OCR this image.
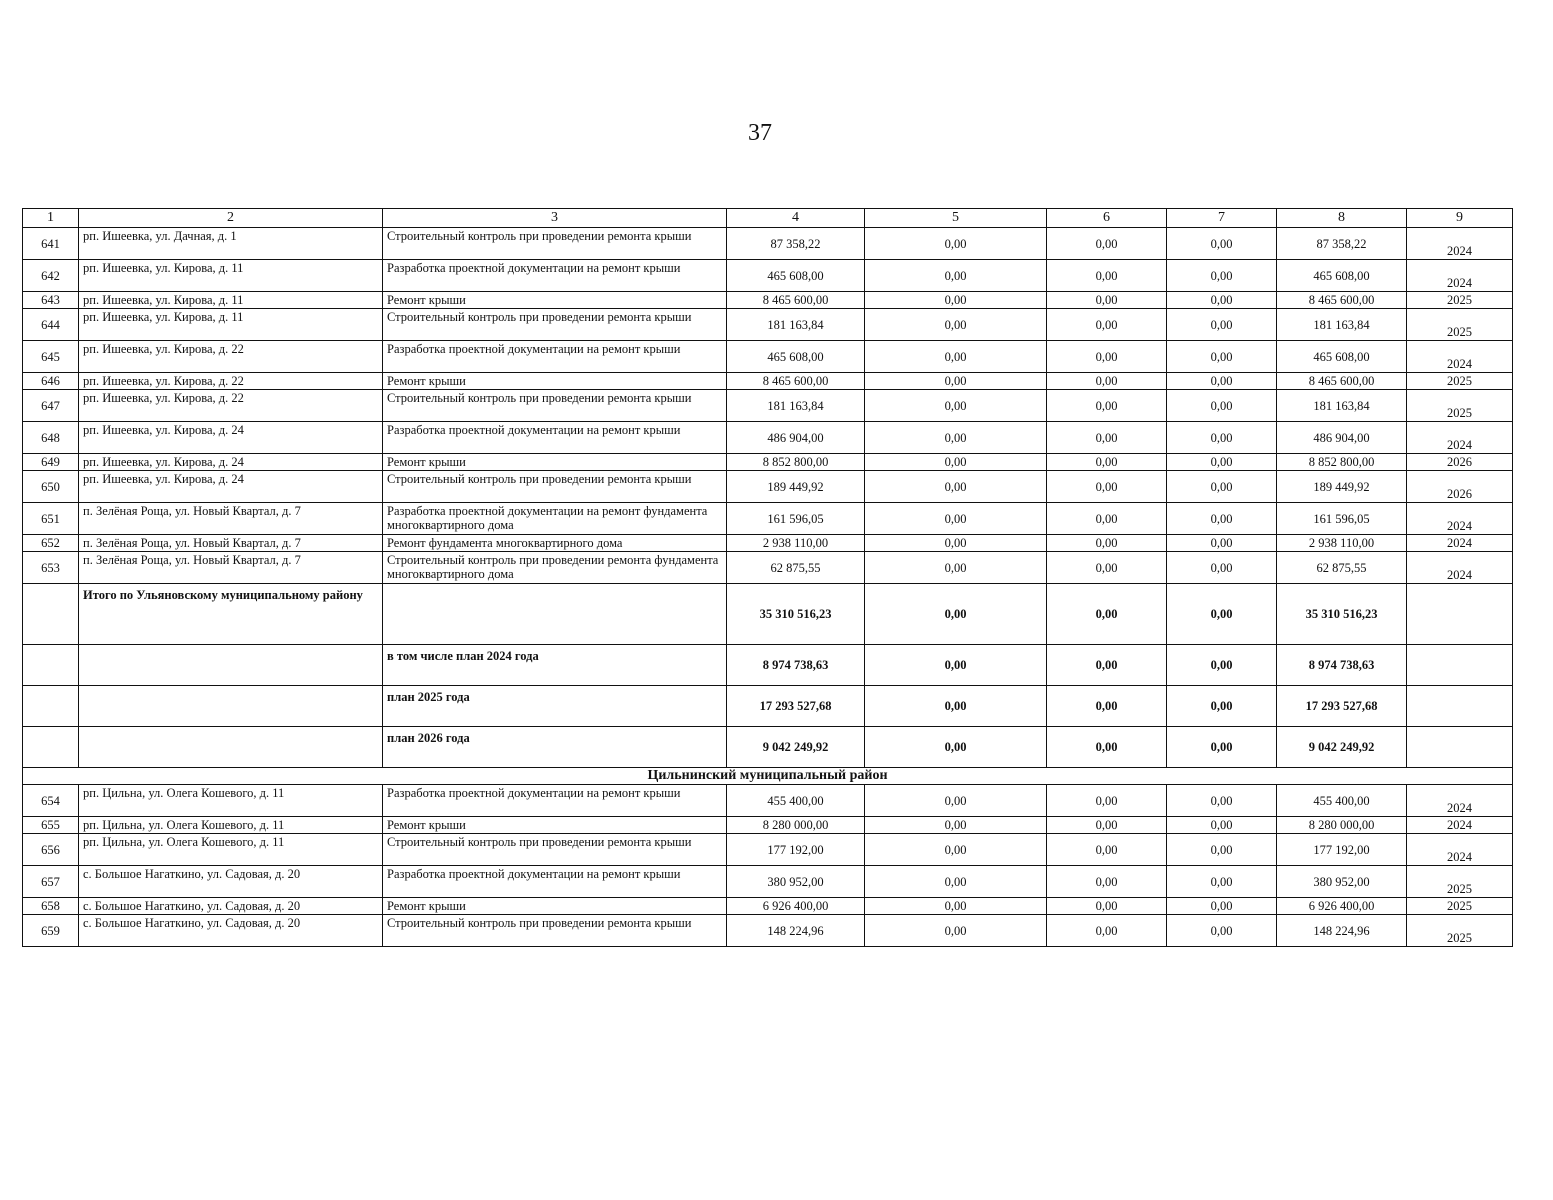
37
1	2	3	4	5	6	7	8	9
641	рп. Ишеевка, ул. Дачная, д. 1	Строительный контроль при проведении ремонта крыши	87 358,22	0,00	0,00	0,00	87 358,22	2024
642	рп. Ишеевка, ул. Кирова, д. 11	Разработка проектной документации на ремонт крыши	465 608,00	0,00	0,00	0,00	465 608,00	2024
643	рп. Ишеевка, ул. Кирова, д. 11	Ремонт крыши	8 465 600,00	0,00	0,00	0,00	8 465 600,00	2025
644	рп. Ишеевка, ул. Кирова, д. 11	Строительный контроль при проведении ремонта крыши	181 163,84	0,00	0,00	0,00	181 163,84	2025
645	рп. Ишеевка, ул. Кирова, д. 22	Разработка проектной документации на ремонт крыши	465 608,00	0,00	0,00	0,00	465 608,00	2024
646	рп. Ишеевка, ул. Кирова, д. 22	Ремонт крыши	8 465 600,00	0,00	0,00	0,00	8 465 600,00	2025
647	рп. Ишеевка, ул. Кирова, д. 22	Строительный контроль при проведении ремонта крыши	181 163,84	0,00	0,00	0,00	181 163,84	2025
648	рп. Ишеевка, ул. Кирова, д. 24	Разработка проектной документации на ремонт крыши	486 904,00	0,00	0,00	0,00	486 904,00	2024
649	рп. Ишеевка, ул. Кирова, д. 24	Ремонт крыши	8 852 800,00	0,00	0,00	0,00	8 852 800,00	2026
650	рп. Ишеевка, ул. Кирова, д. 24	Строительный контроль при проведении ремонта крыши	189 449,92	0,00	0,00	0,00	189 449,92	2026
651	п. Зелёная Роща, ул. Новый Квартал, д. 7	Разработка проектной документации на ремонт фундамента многоквартирного дома	161 596,05	0,00	0,00	0,00	161 596,05	2024
652	п. Зелёная Роща, ул. Новый Квартал, д. 7	Ремонт фундамента многоквартирного дома	2 938 110,00	0,00	0,00	0,00	2 938 110,00	2024
653	п. Зелёная Роща, ул. Новый Квартал, д. 7	Строительный контроль при проведении ремонта фундамента многоквартирного дома	62 875,55	0,00	0,00	0,00	62 875,55	2024
	Итого по Ульяновскому муниципальному району		35 310 516,23	0,00	0,00	0,00	35 310 516,23	
		в том числе план 2024 года	8 974 738,63	0,00	0,00	0,00	8 974 738,63	
		план 2025 года	17 293 527,68	0,00	0,00	0,00	17 293 527,68	
		план 2026 года	9 042 249,92	0,00	0,00	0,00	9 042 249,92	
Цильнинский муниципальный район								
654	рп. Цильна, ул. Олега Кошевого, д. 11	Разработка проектной документации на ремонт крыши	455 400,00	0,00	0,00	0,00	455 400,00	2024
655	рп. Цильна, ул. Олега Кошевого, д. 11	Ремонт крыши	8 280 000,00	0,00	0,00	0,00	8 280 000,00	2024
656	рп. Цильна, ул. Олега Кошевого, д. 11	Строительный контроль при проведении ремонта крыши	177 192,00	0,00	0,00	0,00	177 192,00	2024
657	с. Большое Нагаткино, ул. Садовая, д. 20	Разработка проектной документации на ремонт крыши	380 952,00	0,00	0,00	0,00	380 952,00	2025
658	с. Большое Нагаткино, ул. Садовая, д. 20	Ремонт крыши	6 926 400,00	0,00	0,00	0,00	6 926 400,00	2025
659	с. Большое Нагаткино, ул. Садовая, д. 20	Строительный контроль при проведении ремонта крыши	148 224,96	0,00	0,00	0,00	148 224,96	2025
